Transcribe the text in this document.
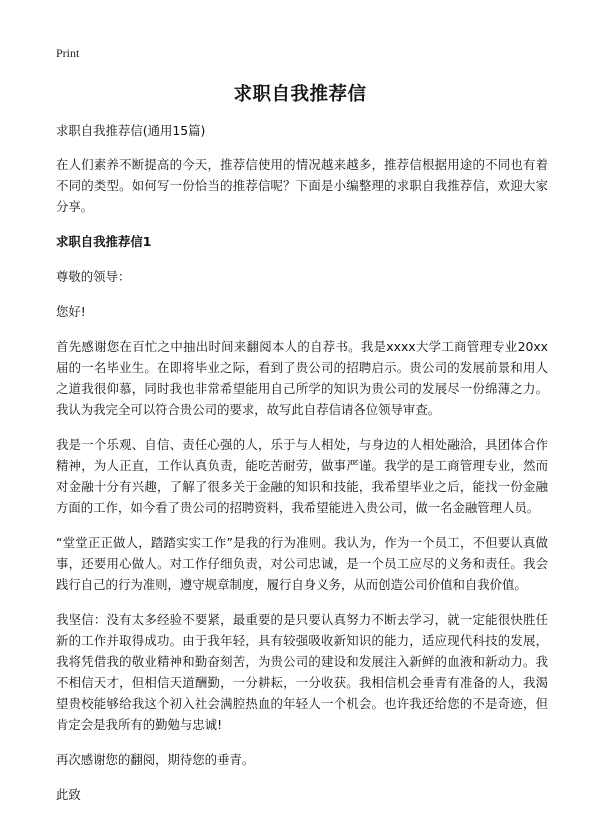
Print
求职自我推荐信

求职自我推荐信(通用15篇)

在人们素养不断提高的今天，推荐信使用的情况越来越多，推荐信根据用途的不同也有着不同的类型。如何写一份恰当的推荐信呢？下面是小编整理的求职自我推荐信，欢迎大家分享。

求职自我推荐信1

尊敬的领导：

您好!

首先感谢您在百忙之中抽出时间来翻阅本人的自荐书。我是xxxx大学工商管理专业20xx届的一名毕业生。在即将毕业之际，看到了贵公司的招聘启示。贵公司的发展前景和用人之道我很仰慕，同时我也非常希望能用自己所学的知识为贵公司的发展尽一份绵薄之力。我认为我完全可以符合贵公司的要求，故写此自荐信请各位领导审查。

我是一个乐观、自信、责任心强的人，乐于与人相处，与身边的人相处融洽，具团体合作精神，为人正直，工作认真负责，能吃苦耐劳，做事严谨。我学的是工商管理专业，然而对金融十分有兴趣，了解了很多关于金融的知识和技能，我希望毕业之后，能找一份金融方面的工作，如今看了贵公司的招聘资料，我希望能进入贵公司，做一名金融管理人员。

“堂堂正正做人，踏踏实实工作”是我的行为准则。我认为，作为一个员工，不但要认真做事，还要用心做人。对工作仔细负责，对公司忠诚，是一个员工应尽的义务和责任。我会践行自己的行为准则，遵守规章制度，履行自身义务，从而创造公司价值和自我价值。

我坚信：没有太多经验不要紧，最重要的是只要认真努力不断去学习，就一定能很快胜任新的工作并取得成功。由于我年轻，具有较强吸收新知识的能力，适应现代科技的发展，我将凭借我的敬业精神和勤奋刻苦，为贵公司的建设和发展注入新鲜的血液和新动力。我不相信天才，但相信天道酬勤，一分耕耘，一分收获。我相信机会垂青有准备的人，我渴望贵校能够给我这个初入社会满腔热血的年轻人一个机会。也许我还给您的不是奇迹，但肯定会是我所有的勤勉与忠诚!

再次感谢您的翻阅，期待您的垂青。

此致
